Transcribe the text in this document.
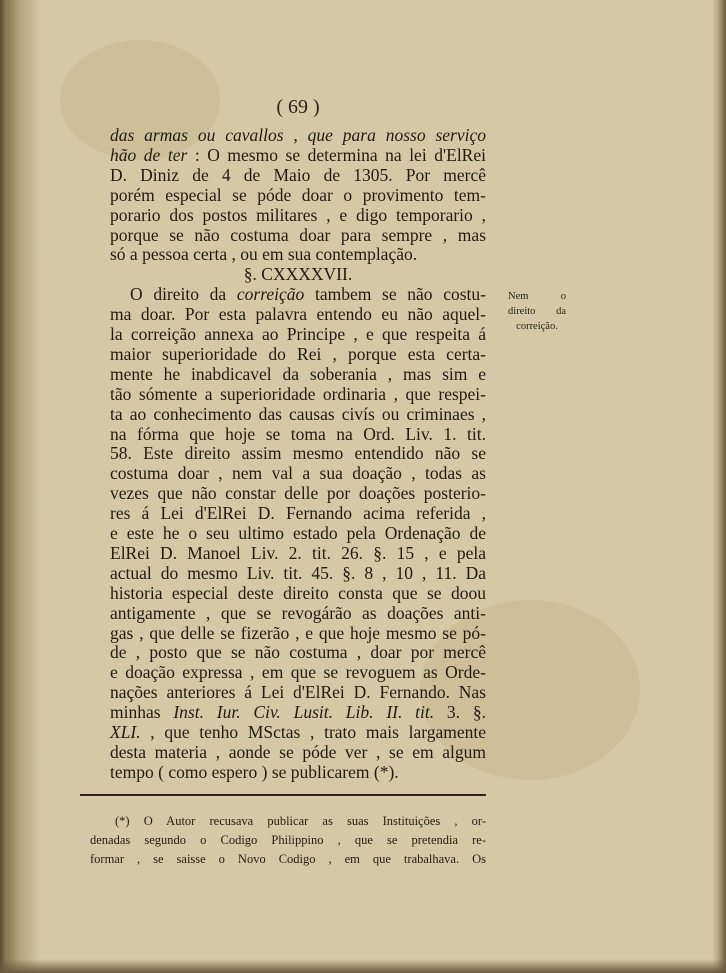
( 69 )
das armas ou cavallos , que para nosso serviço
hão de ter : O mesmo se determina na lei d'ElRei
D. Diniz de 4 de Maio de 1305. Por mercê
porém especial se póde doar o provimento tem-
porario dos postos militares , e digo temporario ,
porque se não costuma doar para sempre , mas
só a pessoa certa , ou em sua contemplação.
§. CXXXXVII.
O direito da correição tambem se não costu-
ma doar. Por esta palavra entendo eu não aquel-
la correição annexa ao Principe , e que respeita á
maior superioridade do Rei , porque esta certa-
mente he inabdicavel da soberania , mas sim e
tão sómente a superioridade ordinaria , que respei-
ta ao conhecimento das causas civís ou criminaes ,
na fórma que hoje se toma na Ord. Liv. 1. tit.
58. Este direito assim mesmo entendido não se
costuma doar , nem val a sua doação , todas as
vezes que não constar delle por doações posterio-
res á Lei d'ElRei D. Fernando acima referida ,
e este he o seu ultimo estado pela Ordenação de
ElRei D. Manoel Liv. 2. tit. 26. §. 15 , e pela
actual do mesmo Liv. tit. 45. §. 8 , 10 , 11. Da
historia especial deste direito consta que se doou
antigamente , que se revogárão as doações anti-
gas , que delle se fizerão , e que hoje mesmo se pó-
de , posto que se não costuma , doar por mercê
e doação expressa , em que se revoguem as Orde-
nações anteriores á Lei d'ElRei D. Fernando. Nas
minhas Inst. Iur. Civ. Lusit. Lib. II. tit. 3. §.
XLI. , que tenho MSctas , trato mais largamente
desta materia , aonde se póde ver , se em algum
tempo ( como espero ) se publicarem (*).
Nem o
direito da
correição.
(*) O Autor recusava publicar as suas Instituições , or-
denadas segundo o Codigo Philippino , que se pretendia re-
formar , se saisse o Novo Codigo , em que trabalhava. Os
